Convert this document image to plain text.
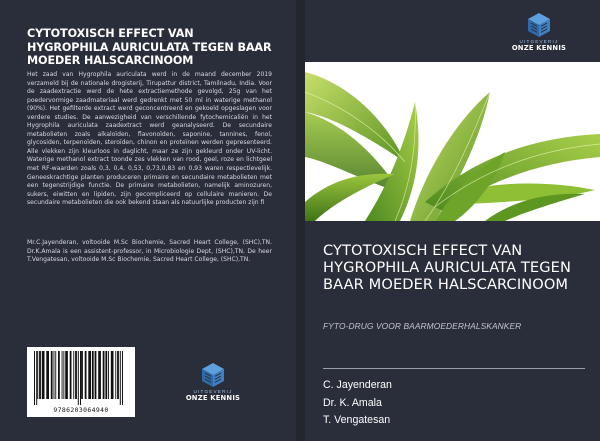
CYTOTOXISCH EFFECT VAN HYGROPHILA AURICULATA TEGEN BAAR MOEDER HALSCARCINOOM

Het zaad van Hygrophila auriculata werd in de maand december 2019 verzameld bij de nationale drogisterij, Tirupattur district, Tamilnadu, India. Voor de zaadextractie werd de hete extractiemethode gevolgd, 25g van het poedervormige zaadmateriaal werd gedrenkt met 50 ml in waterige methanol (90%). Het gefilterde extract werd geconcentreerd en gekoeld opgeslagen voor verdere studies. De aanwezigheid van verschillende fytochemicaliën in het Hygrophila auriculata zaadextract werd geanalyseerd. De secundaire metabolieten zoals alkaloïden, flavonoïden, saponine, tannines, fenol, glycosiden, terpenoïden, steroïden, chinon en proteïnen werden gepresenteerd. Alle vlekken zijn kleurloos in daglicht, maar ze zijn gekleurd onder UV-licht. Waterige methanol extract toonde zes vlekken van rood, geel, roze en lichtgeel met RF-waarden zoals 0,3, 0,4, 0,53, 0,73,0,83 en 0,93 waren respectievelijk. Geneeskrachtige planten produceren primaire en secundaire metabolieten met een tegenstrijdige functie. De primaire metabolieten, namelijk aminozuren, sukers, eiwitten en lipiden, zijn gecompliceerd op cellulaire manieren. De secundaire metabolieten die ook bekend staan als natuurlijke producten zijn fi

Mr.C.Jayenderan, voltooide M.Sc Biochemie, Sacred Heart College, (SHC),TN. Dr.K.Amala is een assistent-professor, in Microbiologie Dept, (SHC),TN. De heer T.Vengatesan, voltooide M.Sc Biochemie, Sacred Heart College, (SHC),TN.

9786203064940
UITGEVERIJ
ONZE KENNIS
UITGEVERIJ
ONZE KENNIS
CYTOTOXISCH EFFECT VAN HYGROPHILA AURICULATA TEGEN BAAR MOEDER HALSCARCINOOM
FYTO-DRUG VOOR BAARMOEDERHALSKANKER
C. Jayenderan
Dr. K. Amala
T. Vengatesan
